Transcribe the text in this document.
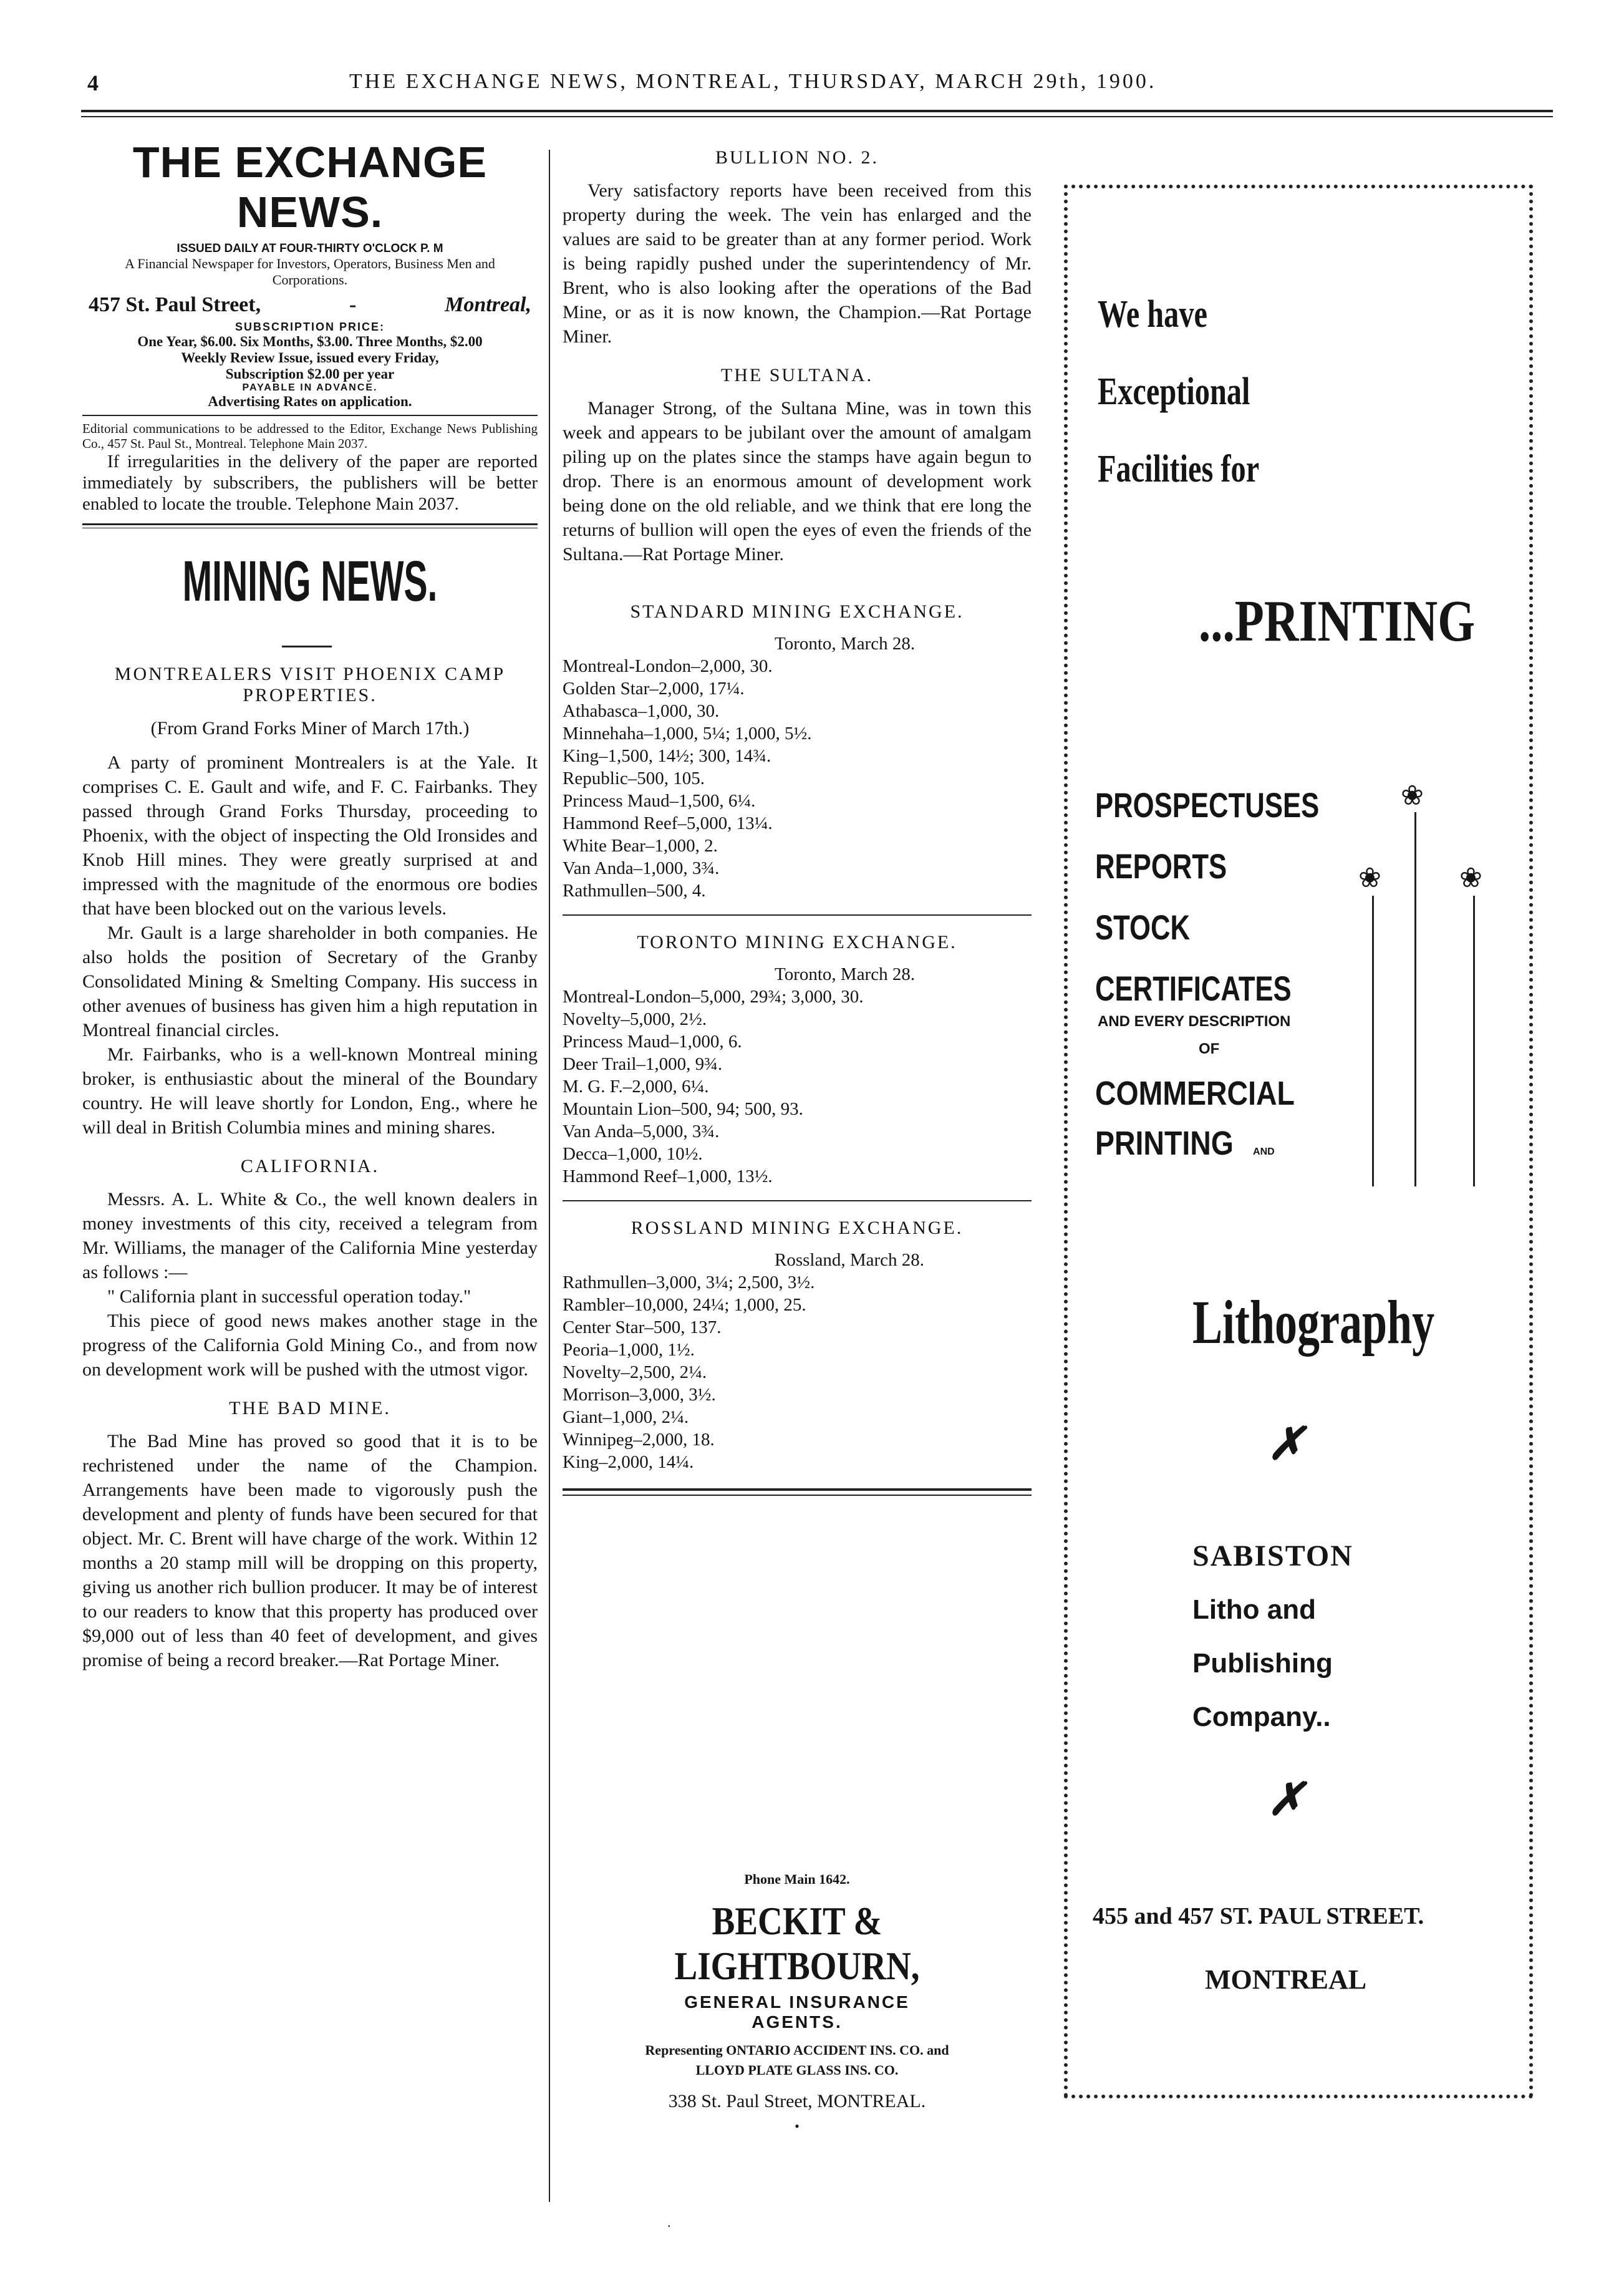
4	THE EXCHANGE NEWS, MONTREAL, THURSDAY, MARCH 29th, 1900.
THE EXCHANGE NEWS.
ISSUED DAILY AT FOUR-THIRTY O'CLOCK P. M
A Financial Newspaper for Investors, Operators, Business Men and Corporations.
457 St. Paul Street,	-	Montreal,
SUBSCRIPTION PRICE:
One Year, $6.00. Six Months, $3.00. Three Months, $2.00
Weekly Review Issue, issued every Friday,
Subscription $2.00 per year
PAYABLE IN ADVANCE.
Advertising Rates on application.

Editorial communications to be addressed to the Editor, Exchange News Publishing Co., 457 St. Paul St., Montreal. Telephone Main 2037.

If irregularities in the delivery of the paper are reported immediately by subscribers, the publishers will be better enabled to locate the trouble. Telephone Main 2037.

MINING NEWS.
MONTREALERS VISIT PHOENIX CAMP PROPERTIES.
(From Grand Forks Miner of March 17th.)

A party of prominent Montrealers is at the Yale. It comprises C. E. Gault and wife, and F. C. Fairbanks. They passed through Grand Forks Thursday, proceeding to Phoenix, with the object of inspecting the Old Ironsides and Knob Hill mines. They were greatly surprised at and impressed with the magnitude of the enormous ore bodies that have been blocked out on the various levels.

Mr. Gault is a large shareholder in both companies. He also holds the position of Secretary of the Granby Consolidated Mining & Smelting Company. His success in other avenues of business has given him a high reputation in Montreal financial circles.

Mr. Fairbanks, who is a well-known Montreal mining broker, is enthusiastic about the mineral of the Boundary country. He will leave shortly for London, Eng., where he will deal in British Columbia mines and mining shares.

CALIFORNIA.

Messrs. A. L. White & Co., the well known dealers in money investments of this city, received a telegram from Mr. Williams, the manager of the California Mine yesterday as follows :—

" California plant in successful operation today."

This piece of good news makes another stage in the progress of the California Gold Mining Co., and from now on development work will be pushed with the utmost vigor.

THE BAD MINE.

The Bad Mine has proved so good that it is to be rechristened under the name of the Champion. Arrangements have been made to vigorously push the development and plenty of funds have been secured for that object. Mr. C. Brent will have charge of the work. Within 12 months a 20 stamp mill will be dropping on this property, giving us another rich bullion producer. It may be of interest to our readers to know that this property has produced over $9,000 out of less than 40 feet of development, and gives promise of being a record breaker.—Rat Portage Miner.

BULLION NO. 2.

Very satisfactory reports have been received from this property during the week. The vein has enlarged and the values are said to be greater than at any former period. Work is being rapidly pushed under the superintendency of Mr. Brent, who is also looking after the operations of the Bad Mine, or as it is now known, the Champion.—Rat Portage Miner.

THE SULTANA.

Manager Strong, of the Sultana Mine, was in town this week and appears to be jubilant over the amount of amalgam piling up on the plates since the stamps have again begun to drop. There is an enormous amount of development work being done on the old reliable, and we think that ere long the returns of bullion will open the eyes of even the friends of the Sultana.—Rat Portage Miner.

STANDARD MINING EXCHANGE.
Toronto, March 28.
Montreal-London–2,000, 30.
Golden Star–2,000, 17¼.
Athabasca–1,000, 30.
Minnehaha–1,000, 5¼; 1,000, 5½.
King–1,500, 14½; 300, 14¾.
Republic–500, 105.
Princess Maud–1,500, 6¼.
Hammond Reef–5,000, 13¼.
White Bear–1,000, 2.
Van Anda–1,000, 3¾.
Rathmullen–500, 4.
TORONTO MINING EXCHANGE.
Toronto, March 28.
Montreal-London–5,000, 29¾; 3,000, 30.
Novelty–5,000, 2½.
Princess Maud–1,000, 6.
Deer Trail–1,000, 9¾.
M. G. F.–2,000, 6¼.
Mountain Lion–500, 94; 500, 93.
Van Anda–5,000, 3¾.
Decca–1,000, 10½.
Hammond Reef–1,000, 13½.
ROSSLAND MINING EXCHANGE.
Rossland, March 28.
Rathmullen–3,000, 3¼; 2,500, 3½.
Rambler–10,000, 24¼; 1,000, 25.
Center Star–500, 137.
Peoria–1,000, 1½.
Novelty–2,500, 2¼.
Morrison–3,000, 3½.
Giant–1,000, 2¼.
Winnipeg–2,000, 18.
King–2,000, 14¼.
Phone Main 1642.
BECKIT & LIGHTBOURN,
GENERAL INSURANCE AGENTS.
Representing ONTARIO ACCIDENT INS. CO. and
LLOYD PLATE GLASS INS. CO.
338 St. Paul Street, MONTREAL.
•
We have
Exceptional
Facilities for
...PRINTING
PROSPECTUSES
REPORTS
STOCK
CERTIFICATES
AND EVERY DESCRIPTION
OF
COMMERCIAL
PRINTING AND
❀
❀	❀
Lithography
✗
SABISTON
Litho and
Publishing
Company..
✗
455 and 457 ST. PAUL STREET.
MONTREAL
.
